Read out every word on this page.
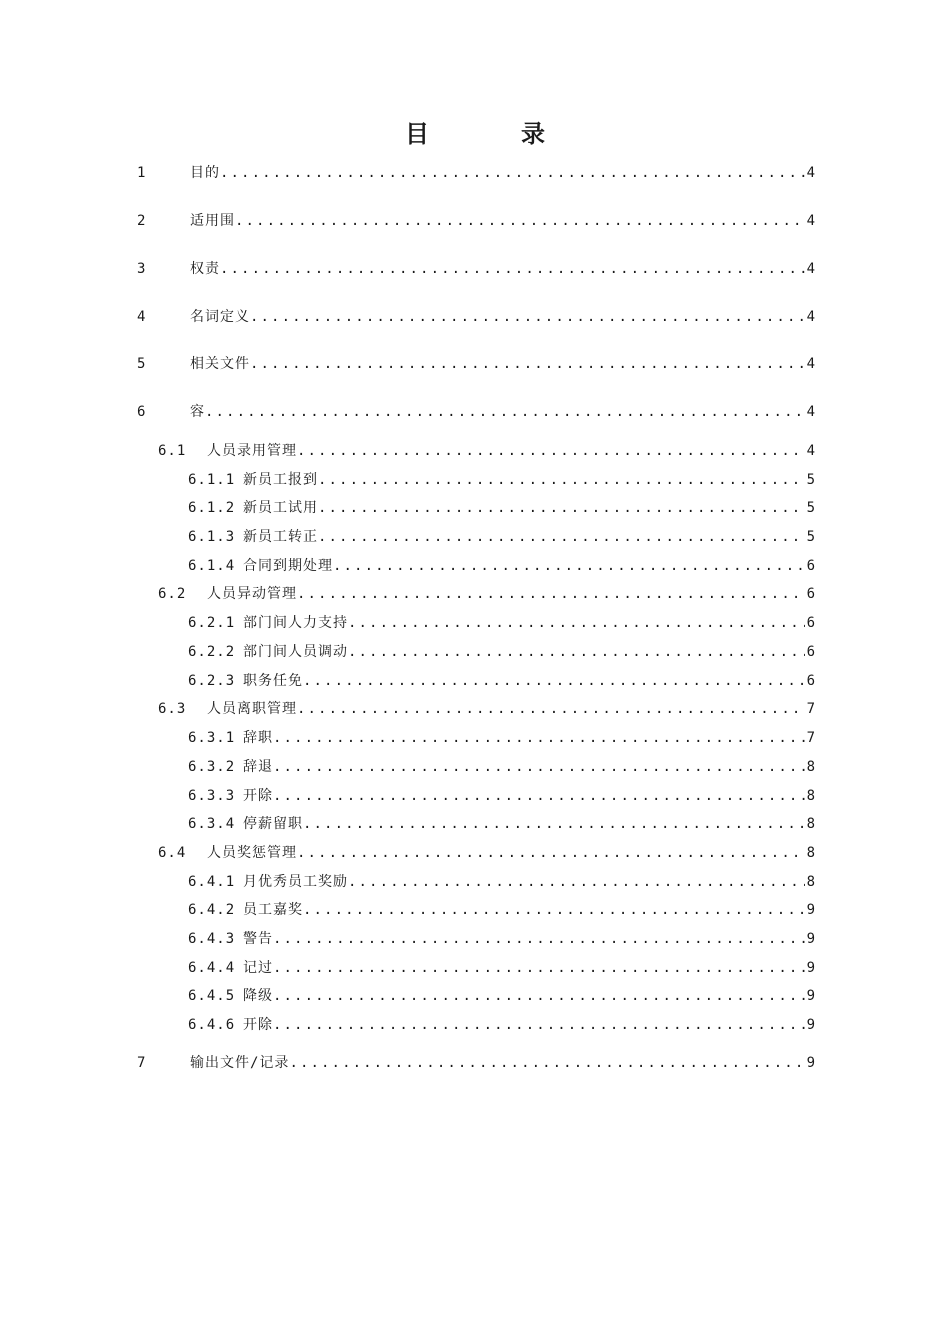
目　录
1	目的 .....	4
2	适用围 .....	4
3	权责 .....	4
4	名词定义 .....	4
5	相关文件 .....	4
6	容 .....	4
6.1	人员录用管理 .....	4
6.1.1 新员工报到 .....	5
6.1.2 新员工试用 .....	5
6.1.3 新员工转正 .....	5
6.1.4 合同到期处理 .....	6
6.2	人员异动管理 .....	6
6.2.1 部门间人力支持 .....	6
6.2.2 部门间人员调动 .....	6
6.2.3 职务任免 .....	6
6.3	人员离职管理 .....	7
6.3.1 辞职 .....	7
6.3.2 辞退 .....	8
6.3.3 开除 .....	8
6.3.4 停薪留职 .....	8
6.4	人员奖惩管理 .....	8
6.4.1 月优秀员工奖励 .....	8
6.4.2 员工嘉奖 .....	9
6.4.3 警告 .....	9
6.4.4 记过 .....	9
6.4.5 降级 .....	9
6.4.6 开除 .....	9
7	输出文件/记录 .....	9
